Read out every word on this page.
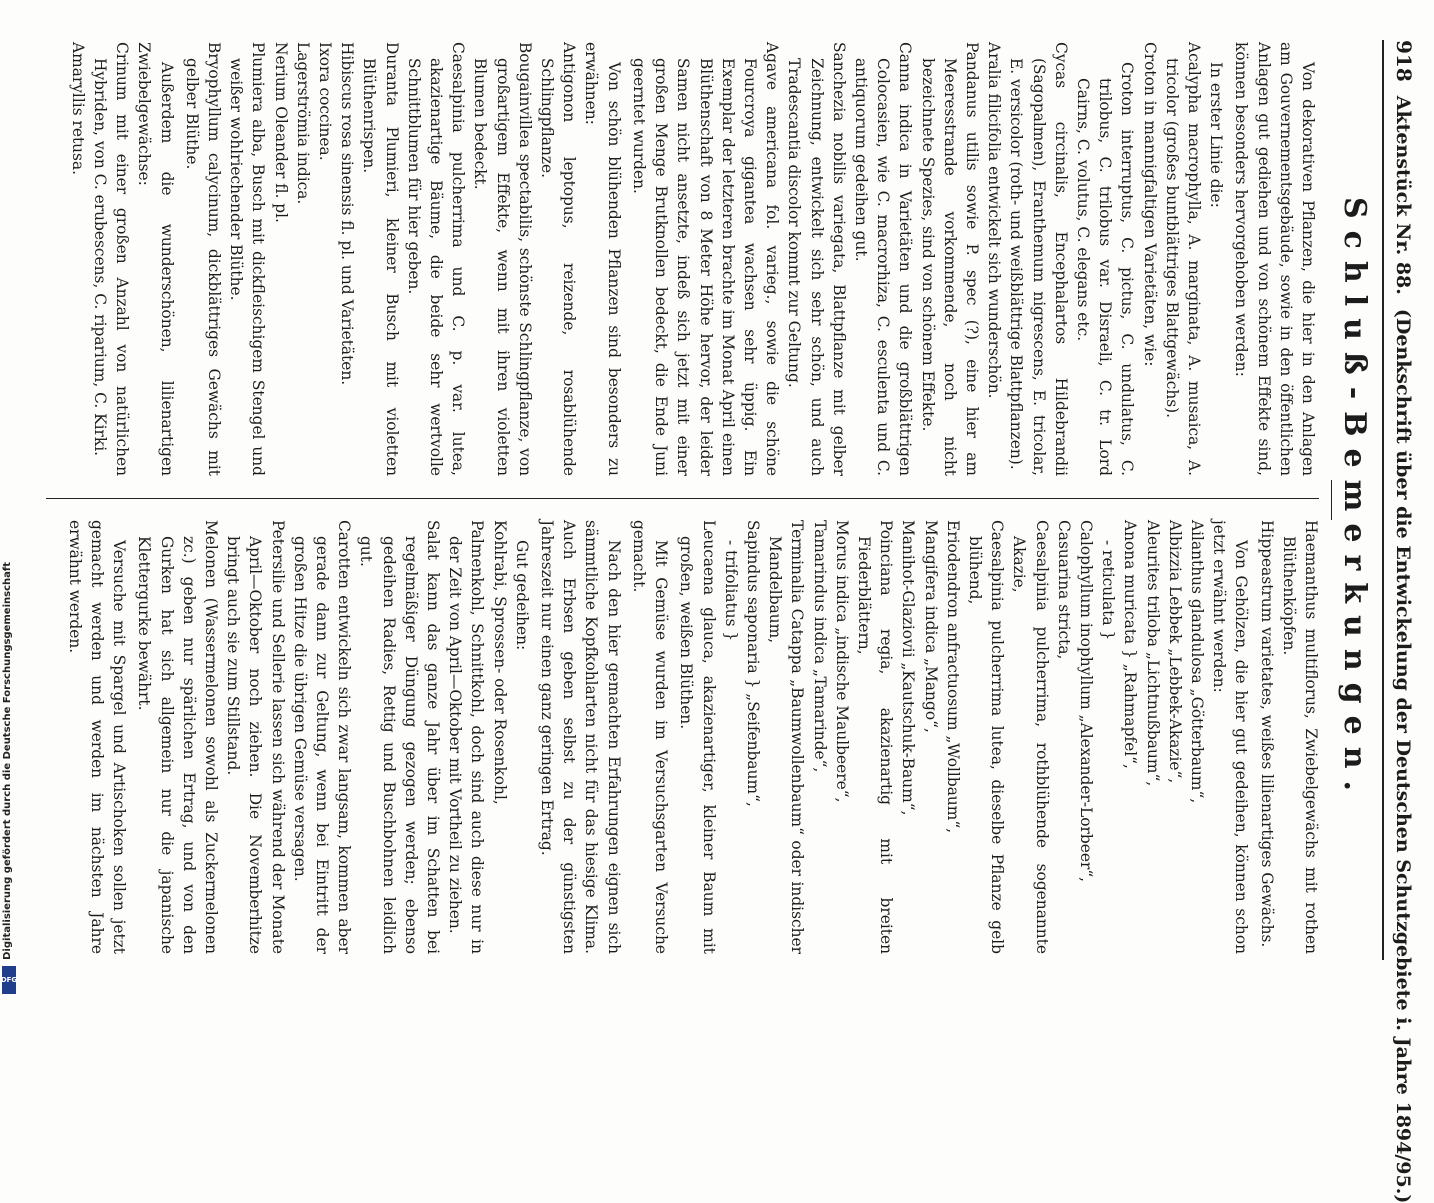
Digitalisierung gefördert durch die Deutsche Forschungsgemeinschaft
DFG
918
Aktenstück Nr. 88.
(Denkschrift über die Entwickelung der Deutschen Schutzgebiete i. Jahre 1894/95.)
Schluß-Bemerkungen.

Von dekorativen Pflanzen, die hier in den Anlagen am Gouvernementsgebäude, sowie in den öffentlichen Anlagen gut gediehen und von schönem Effekte sind, können besonders hervorgehoben werden:

In erster Linie die:

Acalypha macrophylla, A. marginata, A. musaica, A. tricolor (großes buntblättriges Blattgewächs).

Croton in mannigfaltigen Varietäten, wie:

Croton interruptus, C. pictus, C. undulatus, C. trilobus, C. trilobus var. Disraeli, C. tr. Lord Cairns, C. volutus, C. elegans etc.

Cycas circinalis, Encephalartos Hildebrandii (Sagopalmen), Eranthemum nigrescens, E. tricolar, E. versicolor (roth- und weißblättrige Blattpflanzen).

Aralia filicifolia entwickelt sich wunderschön.

Pandanus utilis sowie P. spec (?), eine hier am Meeresstrande vorkommende, noch nicht bezeichnete Spezies, sind von schönem Effekte.

Canna indica in Varietäten und die großblättrigen Colocasien, wie C. macrorhiza, C. esculenta und C. antiquorum gedeihen gut.

Sanchezia nobilis variegata, Blattpflanze mit gelber Zeichnung, entwickelt sich sehr schön, und auch Tradescantia discolor kommt zur Geltung.

Agave americana fol. varieg., sowie die schöne Fourcroya gigantea wachsen sehr üppig. Ein Exemplar der letzteren brachte im Monat April einen Blüthenschaft von 8 Meter Höhe hervor, der leider Samen nicht ansetzte, indeß sich jetzt mit einer großen Menge Brutknollen bedeckt, die Ende Juni geerntet wurden.

Von schön blühenden Pflanzen sind besonders zu erwähnen:

Antigonon leptopus, reizende, rosablühende Schlingpflanze.

Bougainvillea spectabilis, schönste Schlingpflanze, von großartigem Effekte, wenn mit ihren violetten Blumen bedeckt.

Caesalpinia pulcherrima und C. p. var. lutea, akazienartige Bäume, die beide sehr wertvolle Schnittblumen für hier geben.

Duranta Plumieri, kleiner Busch mit violetten Blüthenrispen.

Hibiscus rosa sinensis fl. pl. und Varietäten.

Ixora coccinea.

Lagerströmia indica.

Nerium Oleander fl. pl.

Plumiera alba, Busch mit dickfleischigem Stengel und weißer wohlriechender Blüthe.

Bryophyllum calycinum, dickblättriges Gewächs mit gelber Blüthe.

Außerdem die wunderschönen, lilienartigen Zwiebelgewächse:

Crinum mit einer großen Anzahl von natürlichen Hybriden, von C. erubescens, C. riparium, C. Kirki.

Amaryllis retusa.

Haemanthus multiflorus, Zwiebelgewächs mit rothen Blüthenköpfen.

Hippeastrum varietates, weißes lilienartiges Gewächs.

Von Gehölzen, die hier gut gedeihen, können schon jetzt erwähnt werden:

Ailanthus glandulosa „Götterbaum“,

Albizzia Lebbek „Lebbek-Akazie“,

Aleurites triloba „Lichtnußbaum“,

Anona muricata } „Rahmapfel“,

- reticulata }

Calophyllum inophyllum „Alexander-Lorbeer“,

Casuarina stricta,

Caesalpinia pulcherrima, rothblühende sogenannte Akazie,

Caesalpinia pulcherrima lutea, dieselbe Pflanze gelb blühend,

Eriodendron anfractuosum „Wollbaum“,

Mangifera indica „Mango“,

Manihot-Glaziovii „Kautschuk-Baum“,

Poinciana regia, akazienartig mit breiten Fiederblättern,

Morus indica „indische Maulbeere“,

Tamarindus indica „Tamarinde“,

Terminalia Catappa „Baumwollenbaum“ oder indischer Mandelbaum,

Sapindus saponaria } „Seifenbaum“,

- trifoliatus }

Leucaena glauca, akazienartiger, kleiner Baum mit großen, weißen Blüthen.

Mit Gemüse wurden im Versuchsgarten Versuche gemacht.

Nach den hier gemachten Erfahrungen eignen sich sämmtliche Kopfkohlarten nicht für das hiesige Klima. Auch Erbsen geben selbst zu der günstigsten Jahreszeit nur einen ganz geringen Ertrag.

Gut gedeihen:

Kohlrabi, Sprossen- oder Rosenkohl,

Palmenkohl, Schnittkohl, doch sind auch diese nur in der Zeit von April—Oktober mit Vortheil zu ziehen.

Salat kann das ganze Jahr über im Schatten bei regelmäßiger Düngung gezogen werden; ebenso gedeihen Radies, Rettig und Buschbohnen leidlich gut.

Carotten entwickeln sich zwar langsam, kommen aber gerade dann zur Geltung, wenn bei Eintritt der großen Hitze die übrigen Gemüse versagen.

Petersilie und Sellerie lassen sich während der Monate April—Oktober noch ziehen. Die Novemberhitze bringt auch sie zum Stillstand.

Melonen (Wassermelonen sowohl als Zuckermelonen zc.) geben nur spärlichen Ertrag, und von den Gurken hat sich allgemein nur die japanische Klettergurke bewährt.

Versuche mit Spargel und Artischoken sollen jetzt gemacht werden und werden im nächsten Jahre erwähnt werden.
